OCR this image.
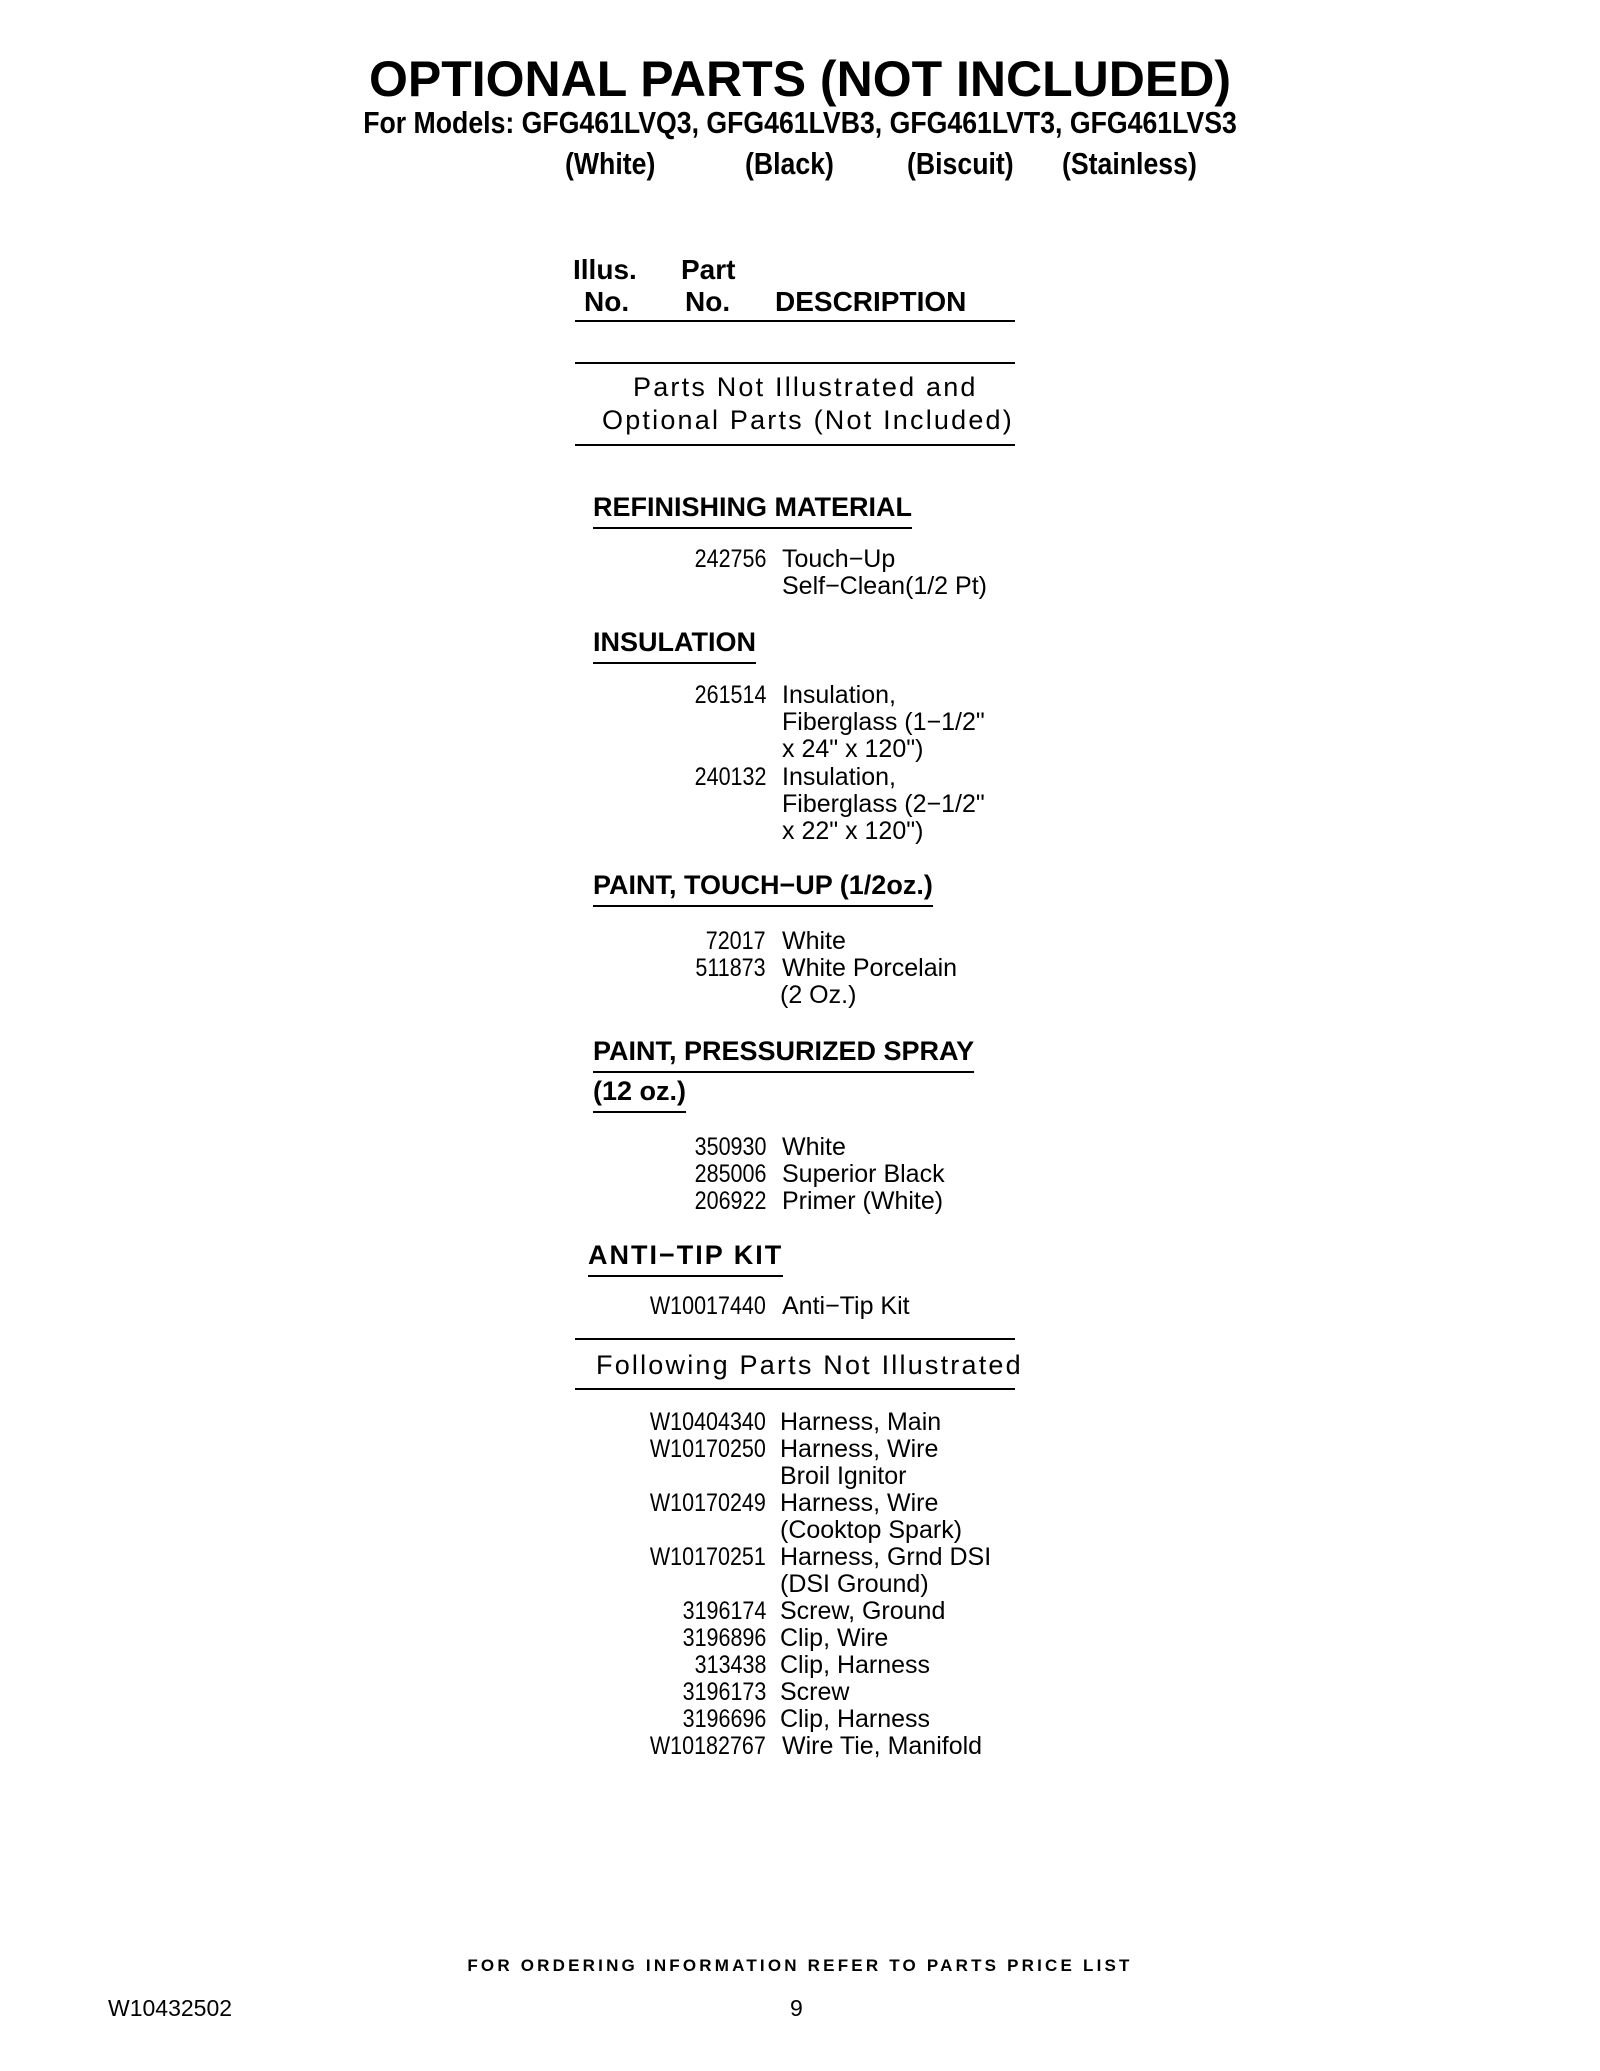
OPTIONAL PARTS (NOT INCLUDED)
For Models: GFG461LVQ3, GFG461LVB3, GFG461LVT3, GFG461LVS3
(White)	(Black) (Biscuit) (Stainless)
Illus.
No.
Part
No. DESCRIPTION
Parts Not Illustrated and
Optional Parts (Not Included)
REFINISHING MATERIAL
242756 Touch−Up
Self−Clean(1/2 Pt)
INSULATION
261514 Insulation,
Fiberglass (1−1/2"
x 24" x 120")
240132 Insulation,
Fiberglass (2−1/2"
x 22" x 120")
PAINT, TOUCH−UP (1/2oz.)
72017 White
511873 White Porcelain
(2 Oz.)
PAINT, PRESSURIZED SPRAY
(12 oz.)
350930 White
285006 Superior Black
206922 Primer (White)
ANTI−TIP KIT
W10017440 Anti−Tip Kit
Following Parts Not Illustrated
W10404340 Harness, Main
W10170250 Harness, Wire
Broil Ignitor
W10170249 Harness, Wire
(Cooktop Spark)
W10170251 Harness, Grnd DSI
(DSI Ground)
3196174 Screw, Ground
3196896 Clip, Wire
313438 Clip, Harness
3196173 Screw
3196696 Clip, Harness
W10182767 Wire Tie, Manifold
FOR ORDERING INFORMATION REFER TO PARTS PRICE LIST
W10432502	9
